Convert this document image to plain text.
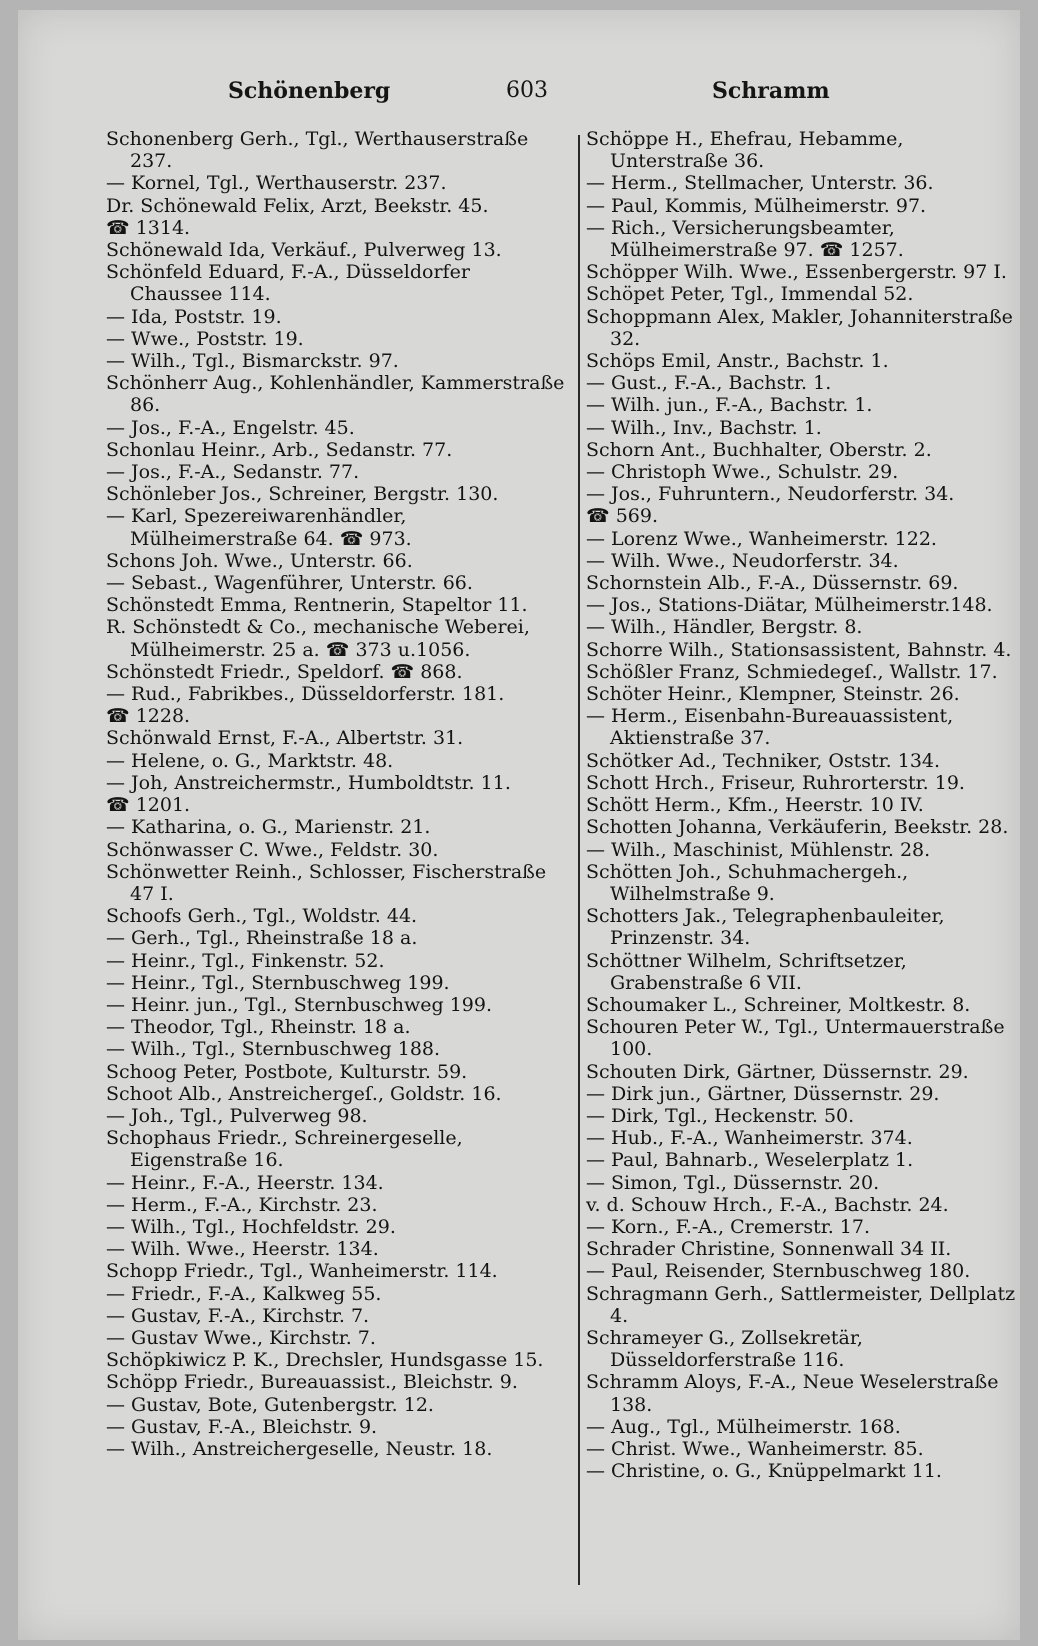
Schönenberg	603	Schramm
Schonenberg Gerh., Tgl., Werthauserstraße 237.
— Kornel, Tgl., Werthauserstr. 237.
Dr. Schönewald Felix, Arzt, Beekstr. 45.
☎ 1314.
Schönewald Ida, Verkäuf., Pulverweg 13.
Schönfeld Eduard, F.-A., Düsseldorfer Chaussee 114.
— Ida, Poststr. 19.
— Wwe., Poststr. 19.
— Wilh., Tgl., Bismarckstr. 97.
Schönherr Aug., Kohlenhändler, Kammerstraße 86.
— Jos., F.-A., Engelstr. 45.
Schonlau Heinr., Arb., Sedanstr. 77.
— Jos., F.-A., Sedanstr. 77.
Schönleber Jos., Schreiner, Bergstr. 130.
— Karl, Spezereiwarenhändler, Mülheimerstraße 64. ☎ 973.
Schons Joh. Wwe., Unterstr. 66.
— Sebast., Wagenführer, Unterstr. 66.
Schönstedt Emma, Rentnerin, Stapeltor 11.
R. Schönstedt & Co., mechanische Weberei, Mülheimerstr. 25 a. ☎ 373 u.1056.
Schönstedt Friedr., Speldorf. ☎ 868.
— Rud., Fabrikbes., Düsseldorferstr. 181.
☎ 1228.
Schönwald Ernst, F.-A., Albertstr. 31.
— Helene, o. G., Marktstr. 48.
— Joh, Anstreichermstr., Humboldtstr. 11.
☎ 1201.
— Katharina, o. G., Marienstr. 21.
Schönwasser C. Wwe., Feldstr. 30.
Schönwetter Reinh., Schlosser, Fischerstraße 47 I.
Schoofs Gerh., Tgl., Woldstr. 44.
— Gerh., Tgl., Rheinstraße 18 a.
— Heinr., Tgl., Finkenstr. 52.
— Heinr., Tgl., Sternbuschweg 199.
— Heinr. jun., Tgl., Sternbuschweg 199.
— Theodor, Tgl., Rheinstr. 18 a.
— Wilh., Tgl., Sternbuschweg 188.
Schoog Peter, Postbote, Kulturstr. 59.
Schoot Alb., Anstreichergeſ., Goldstr. 16.
— Joh., Tgl., Pulverweg 98.
Schophaus Friedr., Schreinergeselle, Eigenstraße 16.
— Heinr., F.-A., Heerstr. 134.
— Herm., F.-A., Kirchstr. 23.
— Wilh., Tgl., Hochfeldstr. 29.
— Wilh. Wwe., Heerstr. 134.
Schopp Friedr., Tgl., Wanheimerstr. 114.
— Friedr., F.-A., Kalkweg 55.
— Gustav, F.-A., Kirchstr. 7.
— Gustav Wwe., Kirchstr. 7.
Schöpkiwicz P. K., Drechsler, Hundsgasse 15.
Schöpp Friedr., Bureauassist., Bleichstr. 9.
— Gustav, Bote, Gutenbergstr. 12.
— Gustav, F.-A., Bleichstr. 9.
— Wilh., Anstreichergeselle, Neustr. 18.
Schöppe H., Ehefrau, Hebamme, Unterstraße 36.
— Herm., Stellmacher, Unterstr. 36.
— Paul, Kommis, Mülheimerstr. 97.
— Rich., Versicherungsbeamter, Mülheimerstraße 97. ☎ 1257.
Schöpper Wilh. Wwe., Essenbergerstr. 97 I.
Schöpet Peter, Tgl., Immendal 52.
Schoppmann Alex, Makler, Johanniterstraße 32.
Schöps Emil, Anstr., Bachstr. 1.
— Gust., F.-A., Bachstr. 1.
— Wilh. jun., F.-A., Bachstr. 1.
— Wilh., Inv., Bachstr. 1.
Schorn Ant., Buchhalter, Oberstr. 2.
— Christoph Wwe., Schulstr. 29.
— Jos., Fuhruntern., Neudorferstr. 34.
☎ 569.
— Lorenz Wwe., Wanheimerstr. 122.
— Wilh. Wwe., Neudorferstr. 34.
Schornstein Alb., F.-A., Düssernstr. 69.
— Jos., Stations-Diätar, Mülheimerstr.148.
— Wilh., Händler, Bergstr. 8.
Schorre Wilh., Stationsassistent, Bahnstr. 4.
Schößler Franz, Schmiedegeſ., Wallstr. 17.
Schöter Heinr., Klempner, Steinstr. 26.
— Herm., Eisenbahn-Bureauassistent, Aktienstraße 37.
Schötker Ad., Techniker, Oststr. 134.
Schott Hrch., Friseur, Ruhrorterstr. 19.
Schött Herm., Kfm., Heerstr. 10 IV.
Schotten Johanna, Verkäuferin, Beekstr. 28.
— Wilh., Maschinist, Mühlenstr. 28.
Schötten Joh., Schuhmachergeh., Wilhelmstraße 9.
Schotters Jak., Telegraphenbauleiter, Prinzenstr. 34.
Schöttner Wilhelm, Schriftsetzer, Grabenstraße 6 VII.
Schoumaker L., Schreiner, Moltkestr. 8.
Schouren Peter W., Tgl., Untermauerstraße 100.
Schouten Dirk, Gärtner, Düssernstr. 29.
— Dirk jun., Gärtner, Düssernstr. 29.
— Dirk, Tgl., Heckenstr. 50.
— Hub., F.-A., Wanheimerstr. 374.
— Paul, Bahnarb., Weselerplatz 1.
— Simon, Tgl., Düssernstr. 20.
v. d. Schouw Hrch., F.-A., Bachstr. 24.
— Korn., F.-A., Cremerstr. 17.
Schrader Christine, Sonnenwall 34 II.
— Paul, Reisender, Sternbuschweg 180.
Schragmann Gerh., Sattlermeister, Dellplatz 4.
Schrameyer G., Zollsekretär, Düsseldorferstraße 116.
Schramm Aloys, F.-A., Neue Weselerstraße 138.
— Aug., Tgl., Mülheimerstr. 168.
— Christ. Wwe., Wanheimerstr. 85.
— Christine, o. G., Knüppelmarkt 11.
